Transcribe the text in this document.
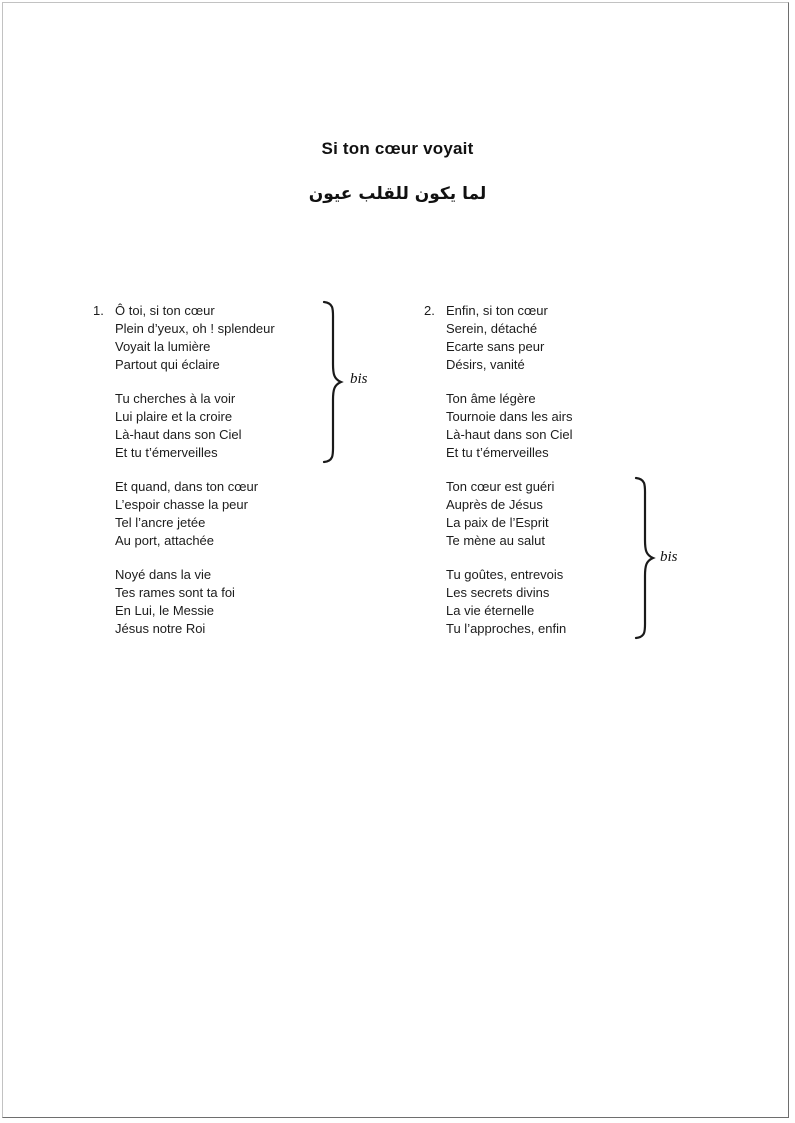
Si ton cœur voyait
لما يكون للقلب عيون
1. Ô toi, si ton cœur
Plein d’yeux, oh ! splendeur
Voyait la lumière
Partout qui éclaire
Tu cherches à la voir
Lui plaire et la croire
Là-haut dans son Ciel
Et tu t’émerveilles
Et quand, dans ton cœur
L’espoir chasse la peur
Tel l’ancre jetée
Au port, attachée
Noyé dans la vie
Tes rames sont ta foi
En Lui, le Messie
Jésus notre Roi
2. Enfin, si ton cœur
Serein, détaché
Ecarte sans peur
Désirs, vanité
Ton âme légère
Tournoie dans les airs
Là-haut dans son Ciel
Et tu t’émerveilles
Ton cœur est guéri
Auprès de Jésus
La paix de l’Esprit
Te mène au salut
Tu goûtes, entrevois
Les secrets divins
La vie éternelle
Tu l’approches, enfin
bis
bis
